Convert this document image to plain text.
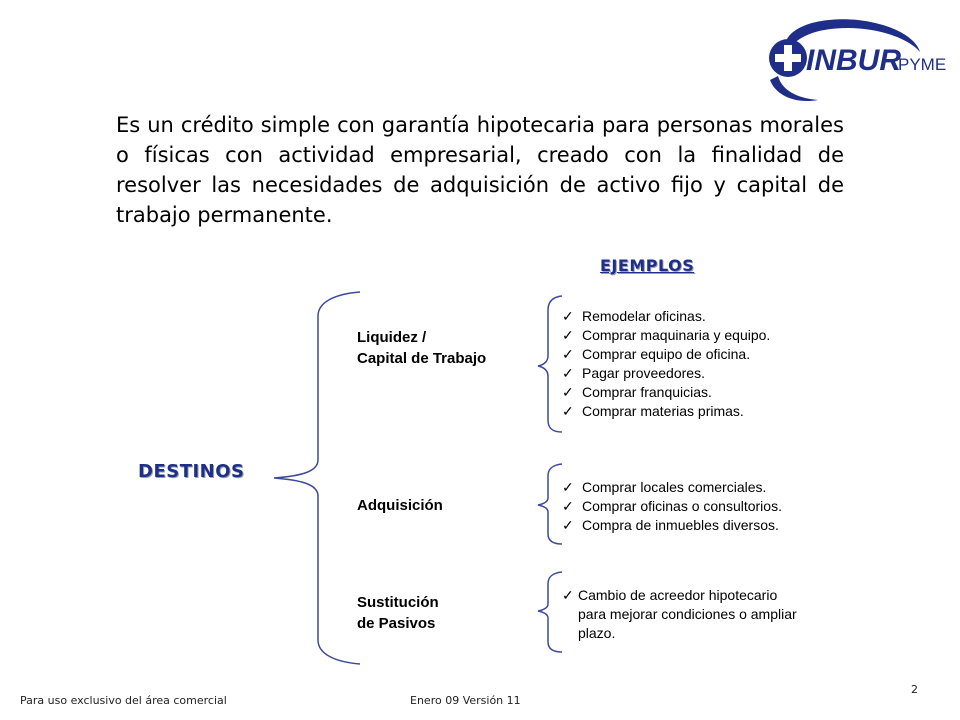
INBUR
PYME
Es un crédito simple con garantía hipotecaria para personas morales o físicas con actividad empresarial, creado con la finalidad de resolver las necesidades de adquisición de activo fijo y capital de trabajo permanente.
EJEMPLOS
DESTINOS
Liquidez /
Capital de Trabajo
Adquisición
Sustitución
de Pasivos
✓ Remodelar oficinas.
✓ Comprar maquinaria y equipo.
✓ Comprar equipo de oficina.
✓ Pagar proveedores.
✓ Comprar franquicias.
✓ Comprar materias primas.
✓ Comprar locales comerciales.
✓ Comprar oficinas o consultorios.
✓ Compra de inmuebles diversos.
✓ Cambio de acreedor hipotecario
para mejorar condiciones o ampliar
plazo.
Para uso exclusivo del área comercial	Enero 09 Versión 11
2
